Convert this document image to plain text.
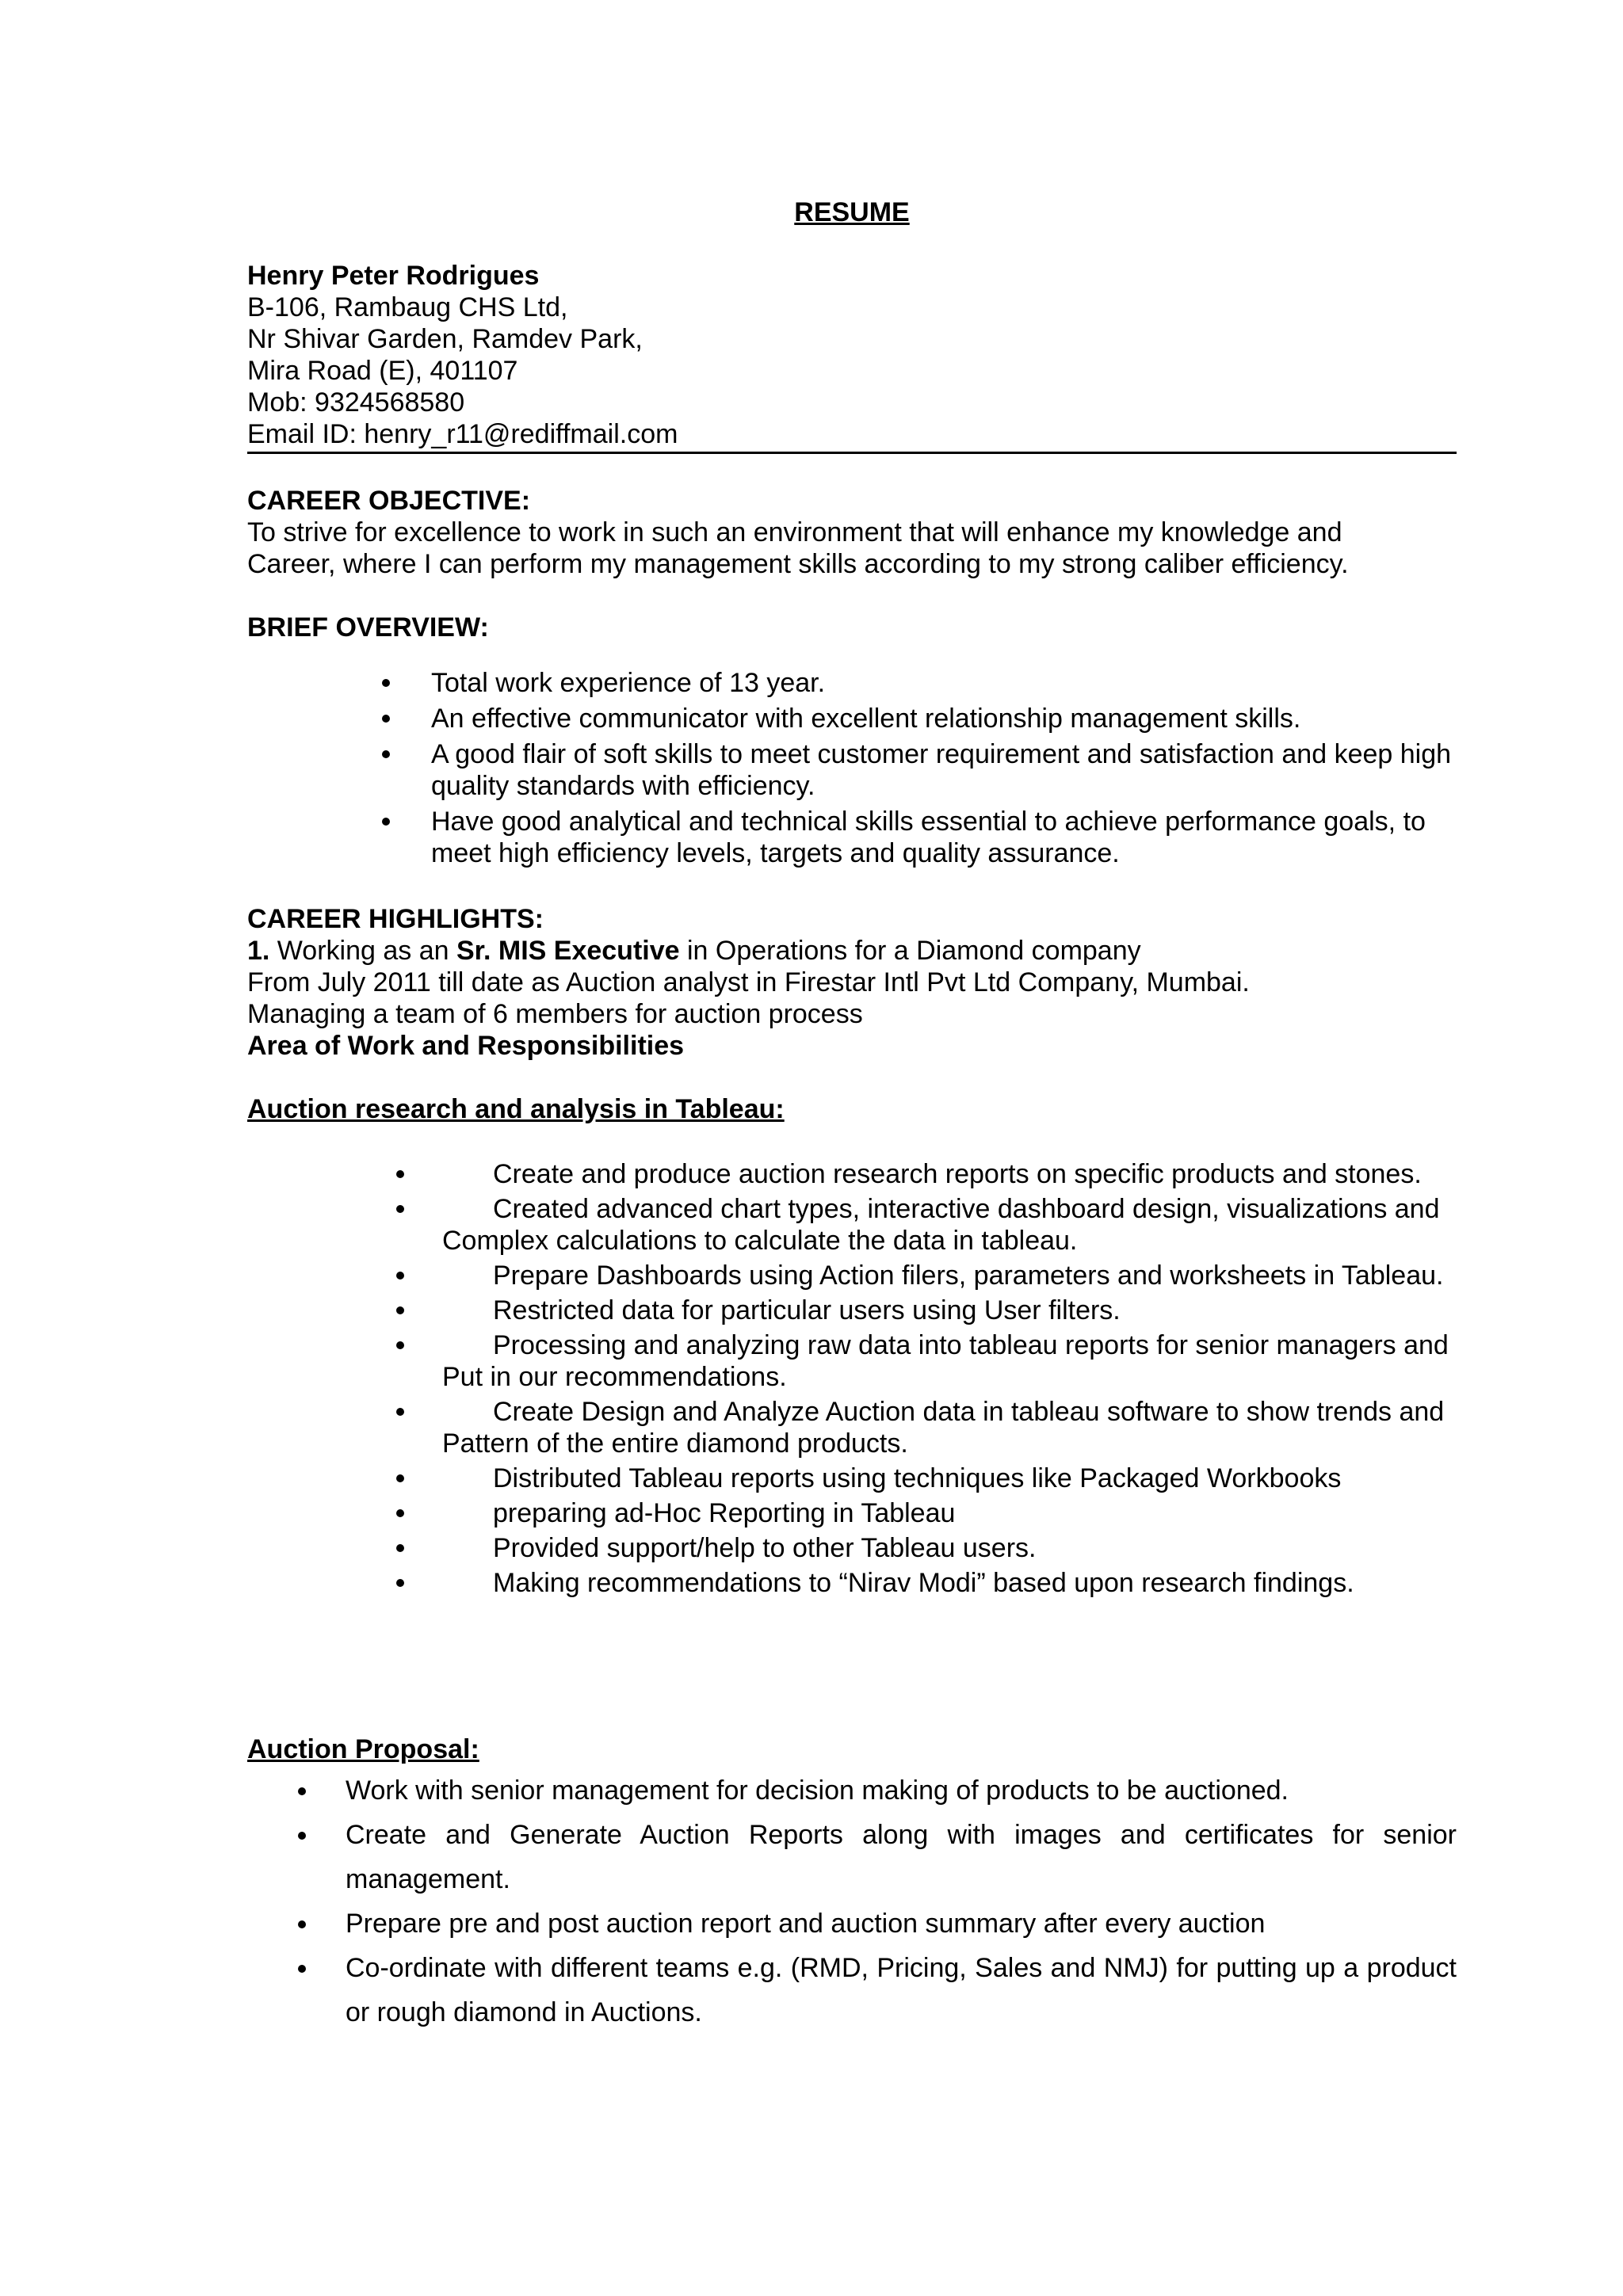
RESUME
Henry Peter Rodrigues
B-106, Rambaug CHS Ltd,
Nr Shivar Garden, Ramdev Park,
Mira Road (E), 401107
Mob: 9324568580
Email ID: henry_r11@rediffmail.com
CAREER OBJECTIVE:
To strive for excellence to work in such an environment that will enhance my knowledge and
Career, where I can perform my management skills according to my strong caliber efficiency.
BRIEF OVERVIEW:
Total work experience of 13 year.
An effective communicator with excellent relationship management skills.
A good flair of soft skills to meet customer requirement and satisfaction and keep high quality standards with efficiency.
Have good analytical and technical skills essential to achieve performance goals, to meet high efficiency levels, targets and quality assurance.
CAREER HIGHLIGHTS:
1. Working as an Sr. MIS Executive in Operations for a Diamond company
From July 2011 till date as Auction analyst in Firestar Intl Pvt Ltd Company, Mumbai.
Managing a team of 6 members for auction process
Area of Work and Responsibilities
Auction research and analysis in Tableau:
Create and produce auction research reports on specific products and stones.
Created advanced chart types, interactive dashboard design, visualizations and
Complex calculations to calculate the data in tableau.
Prepare Dashboards using Action filers, parameters and worksheets in Tableau.
Restricted data for particular users using User filters.
Processing and analyzing raw data into tableau reports for senior managers and
Put in our recommendations.
Create Design and Analyze Auction data in tableau software to show trends and
Pattern of the entire diamond products.
Distributed Tableau reports using techniques like Packaged Workbooks
preparing ad-Hoc Reporting in Tableau
Provided support/help to other Tableau users.
Making recommendations to “Nirav Modi” based upon research findings.
Auction Proposal:
Work with senior management for decision making of products to be auctioned.
Create and Generate Auction Reports along with images and certificates for senior management.
Prepare pre and post auction report and auction summary after every auction
Co-ordinate with different teams e.g. (RMD, Pricing, Sales and NMJ) for putting up a product or rough diamond in Auctions.
